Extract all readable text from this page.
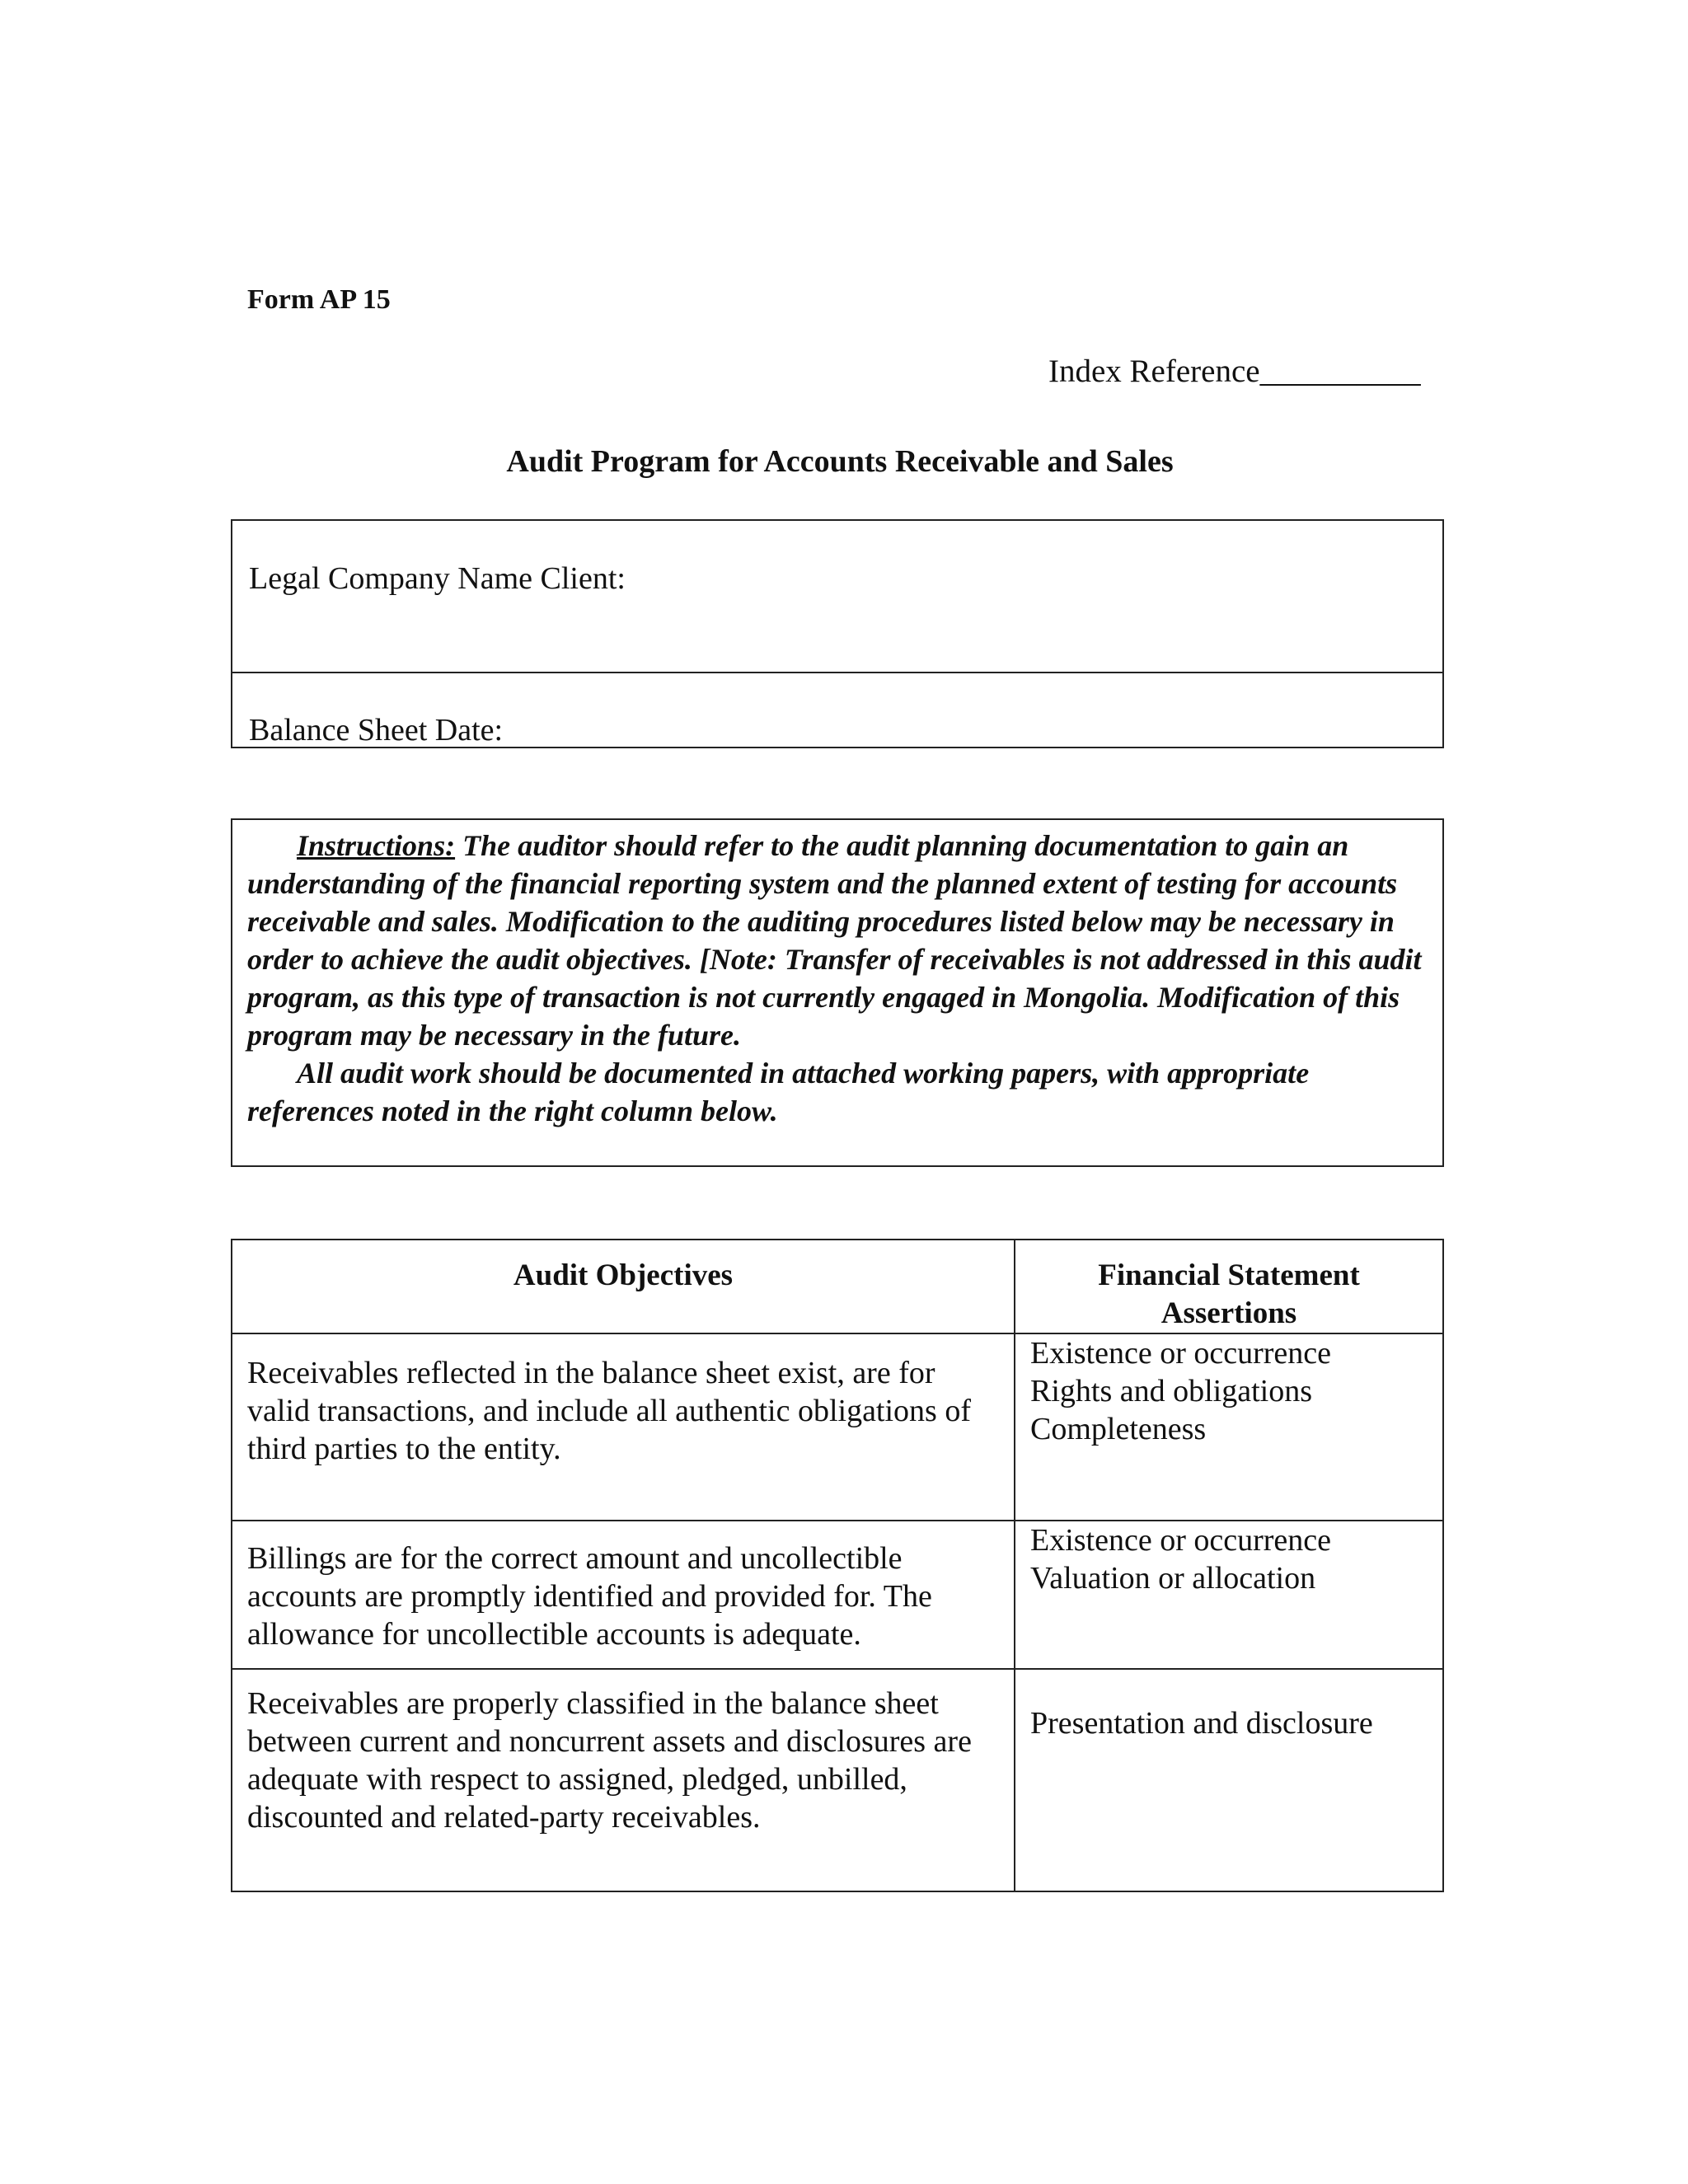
Form AP 15
Index Reference__________
Audit Program for Accounts Receivable and Sales
Legal Company Name Client:
Balance Sheet Date:

Instructions: The auditor should refer to the audit planning documentation to gain an understanding of the financial reporting system and the planned extent of testing for accounts receivable and sales. Modification to the auditing procedures listed below may be necessary in order to achieve the audit objectives. [Note: Transfer of receivables is not addressed in this audit program, as this type of transaction is not currently engaged in Mongolia. Modification of this program may be necessary in the future.

All audit work should be documented in attached working papers, with appropriate references noted in the right column below.

Audit Objectives	Financial Statement Assertions
Receivables reflected in the balance sheet exist, are for valid transactions, and include all authentic obligations of third parties to the entity.	Existence or occurrence
Rights and obligations
Completeness

Billings are for the correct amount and uncollectible accounts are promptly identified and provided for. The allowance for uncollectible accounts is adequate.	Existence or occurrence
Valuation or allocation

Receivables are properly classified in the balance sheet between current and noncurrent assets and disclosures are adequate with respect to assigned, pledged, unbilled, discounted and related-party receivables.	Presentation and disclosure
